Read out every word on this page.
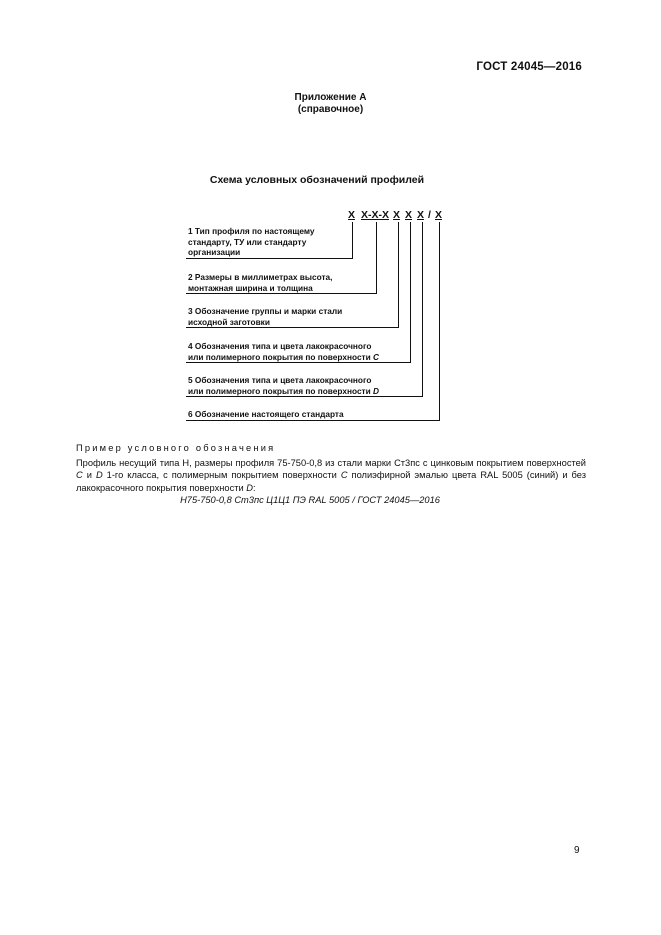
ГОСТ 24045—2016
Приложение А
(справочное)
Схема условных обозначений профилей
Х Х-Х-Х Х Х Х / Х
1 Тип профиля по настоящему
стандарту, ТУ или стандарту
организации
2 Размеры в миллиметрах высота,
монтажная ширина и толщина
3 Обозначение группы и марки стали
исходной заготовки
4 Обозначения типа и цвета лакокрасочного
или полимерного покрытия по поверхности С
5 Обозначения типа и цвета лакокрасочного
или полимерного покрытия по поверхности D
6 Обозначение настоящего стандарта
Пример условного обозначения
Профиль несущий типа Н, размеры профиля 75-750-0,8 из стали марки Ст3пс с цинковым покрытием поверхностей С и D 1-го класса, с полимерным покрытием поверхности С полиэфирной эмалью цвета RAL 5005 (синий) и без лакокрасочного покрытия поверхности D:
Н75-750-0,8 Ст3пс Ц1Ц1 ПЭ RAL 5005 / ГОСТ 24045—2016
9
